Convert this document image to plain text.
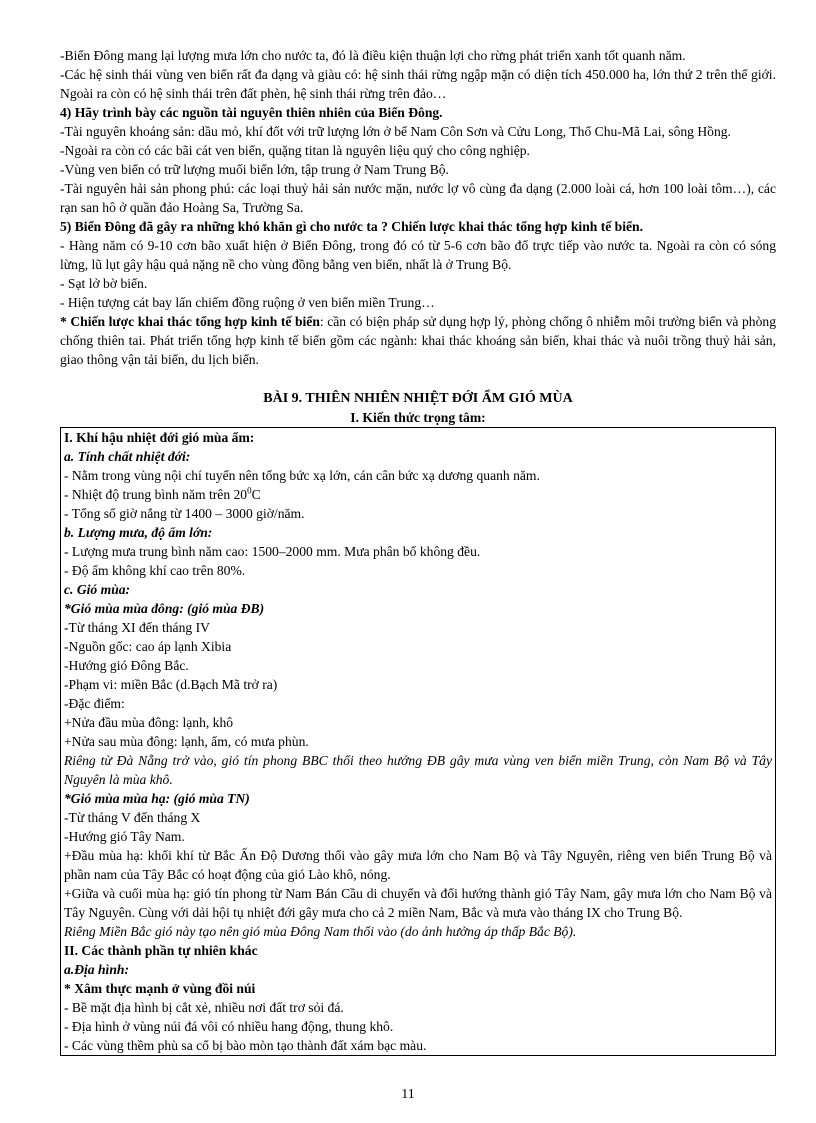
-Biển Đông mang lại lượng mưa lớn cho nước ta, đó là điều kiện thuận lợi cho rừng phát triển xanh tốt quanh năm.

-Các hệ sinh thái vùng ven biển rất đa dạng và giàu có: hệ sinh thái rừng ngập mặn có diện tích 450.000 ha, lớn thứ 2 trên thế giới. Ngoài ra còn có hệ sinh thái trên đất phèn, hệ sinh thái rừng trên đảo…

4) Hãy trình bày các nguồn tài nguyên thiên nhiên của Biển Đông.

-Tài nguyên khoáng sản: dầu mỏ, khí đốt với trữ lượng lớn ở bể Nam Côn Sơn và Cửu Long, Thổ Chu-Mã Lai, sông Hồng.

-Ngoài ra còn có các bãi cát ven biển, quặng titan là nguyên liệu quý cho công nghiệp.

-Vùng ven biển có trữ lượng muối biển lớn, tập trung ở Nam Trung Bộ.

-Tài nguyên hải sản phong phú: các loại thuỷ hải sản nước mặn, nước lợ vô cùng đa dạng (2.000 loài cá, hơn 100 loài tôm…), các rạn san hô ở quần đảo Hoàng Sa, Trường Sa.

5) Biển Đông đã gây ra những khó khăn gì cho nước ta ? Chiến lược khai thác tổng hợp kinh tế biển.

- Hàng năm có 9-10 cơn bão xuất hiện ở Biển Đông, trong đó có từ 5-6 cơn bão đổ trực tiếp vào nước ta. Ngoài ra còn có sóng lừng, lũ lụt gây hậu quả nặng nề cho vùng đồng bằng ven biển, nhất là ở Trung Bộ.

- Sạt lở bờ biển.

- Hiện tượng cát bay lấn chiếm đồng ruộng ở ven biển miền Trung…

* Chiến lược khai thác tổng hợp kinh tế biển: cần có biện pháp sử dụng hợp lý, phòng chống ô nhiễm môi trường biển và phòng chống thiên tai. Phát triển tổng hợp kinh tế biển gồm các ngành: khai thác khoáng sản biển, khai thác và nuôi trồng thuỷ hải sản, giao thông vận tải biển, du lịch biển.

BÀI 9. THIÊN NHIÊN NHIỆT ĐỚI ẨM GIÓ MÙA

I. Kiến thức trọng tâm:

I. Khí hậu nhiệt đới gió mùa ẩm:

a. Tính chất nhiệt đới:

- Nằm trong vùng nội chí tuyến nên tổng bức xạ lớn, cán cân bức xạ dương quanh năm.

- Nhiệt độ trung bình năm trên $20^0C$

- Tổng số giờ nắng từ 1400 – 3000 giờ/năm.

b. Lượng mưa, độ ẩm lớn:

- Lượng mưa trung bình năm cao: 1500–2000 mm. Mưa phân bố không đều.

- Độ ẩm không khí cao trên 80%.

c. Gió mùa:

*Gió mùa mùa đông: (gió mùa ĐB)

-Từ tháng XI đến tháng IV

-Nguồn gốc: cao áp lạnh Xibia

-Hướng gió Đông Bắc.

-Phạm vi: miền Bắc (d.Bạch Mã trở ra)

-Đặc điểm:

+Nửa đầu mùa đông: lạnh, khô

+Nửa sau mùa đông: lạnh, ẩm, có mưa phùn.

Riêng từ Đà Nẵng trở vào, gió tín phong BBC thổi theo hướng ĐB gây mưa vùng ven biển miền Trung, còn Nam Bộ và Tây Nguyên là mùa khô.

*Gió mùa mùa hạ: (gió mùa TN)

-Từ tháng V đến tháng X

-Hướng gió Tây Nam.

+Đầu mùa hạ: khối khí từ Bắc Ấn Độ Dương thổi vào gây mưa lớn cho Nam Bộ và Tây Nguyên, riêng ven biển Trung Bộ và phần nam của Tây Bắc có hoạt động của gió Lào khô, nóng.

+Giữa và cuối mùa hạ: gió tín phong từ Nam Bán Cầu di chuyển và đổi hướng thành gió Tây Nam, gây mưa lớn cho Nam Bộ và Tây Nguyên. Cùng với dải hội tụ nhiệt đới gây mưa cho cả 2 miền Nam, Bắc và mưa vào tháng IX cho Trung Bộ.

Riêng Miền Bắc gió này tạo nên gió mùa Đông Nam thổi vào (do ảnh hưởng áp thấp Bắc Bộ).

II. Các thành phần tự nhiên khác

a.Địa hình:

* Xâm thực mạnh ở vùng đồi núi

- Bề mặt địa hình bị cắt xẻ, nhiều nơi đất trơ sỏi đá.

- Địa hình ở vùng núi đá vôi có nhiều hang động, thung khô.

- Các vùng thềm phù sa cổ bị bào mòn tạo thành đất xám bạc màu.

11
